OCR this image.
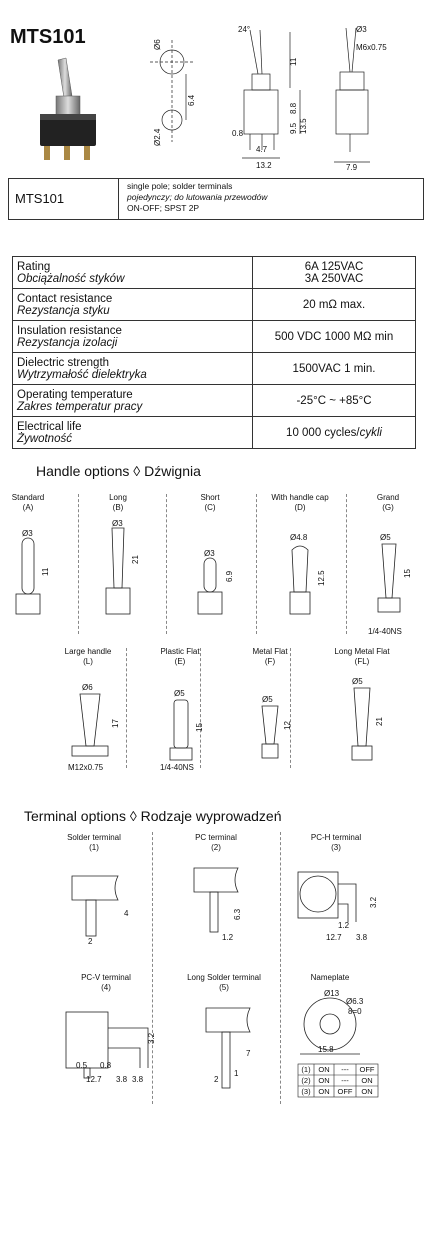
MTS101	24°
Ø6
6.4
Ø2.4
11
8.8
9.5 13.5
0.8
4.7
13.2
Ø3
M6x0.75
7.9
MTS101
single pole; solder terminals
pojedynczy; do lutowania przewodów
ON-OFF; SPST 2P
Rating
Obciążalność styków	6A 125VAC
3A 250VAC
Contact resistance
Rezystancja styku	20 mΩ max.
Insulation resistance
Rezystancja izolacji	500 VDC 1000 MΩ min
Dielectric strength
Wytrzymałość dielektryka	1500VAC 1 min.
Operating temperature
Zakres temperatur pracy	-25°C ~ +85°C
Electrical life
Żywotność	10 000 cycles/cykli
Handle options ◊ Dźwignia
Standard
(A)
Long
(B)
Short
(C)
With handle cap
(D)
Grand
(G)
Large handle
(L)
Plastic Flat
(E)
Metal Flat
(F)
Long Metal Flat
(FL)
Ø3
11
Ø3
21
Ø3
6.9
Ø4.8
12.5
Ø5
15
1/4-40NS
Ø6
17
M12x0.75
Ø5
15
1/4-40NS
Ø5
12
Ø5
21
Terminal options ◊ Rodzaje wyprowadzeń
Solder terminal
(1)
PC terminal
(2)
PC-H terminal
(3)
PC-V terminal
(4)
Long Solder terminal
(5)
Nameplate
4
2
6.3
1.2
3.2
1.2
12.7 3.8
3.2
0.5 0.8
12.7 3.8 3.8
7
2
1
Ø13
Ø6.3
8=0
15.8
(1) ON --- OFF
(2) ON --- ON
(3) ON OFF ON
